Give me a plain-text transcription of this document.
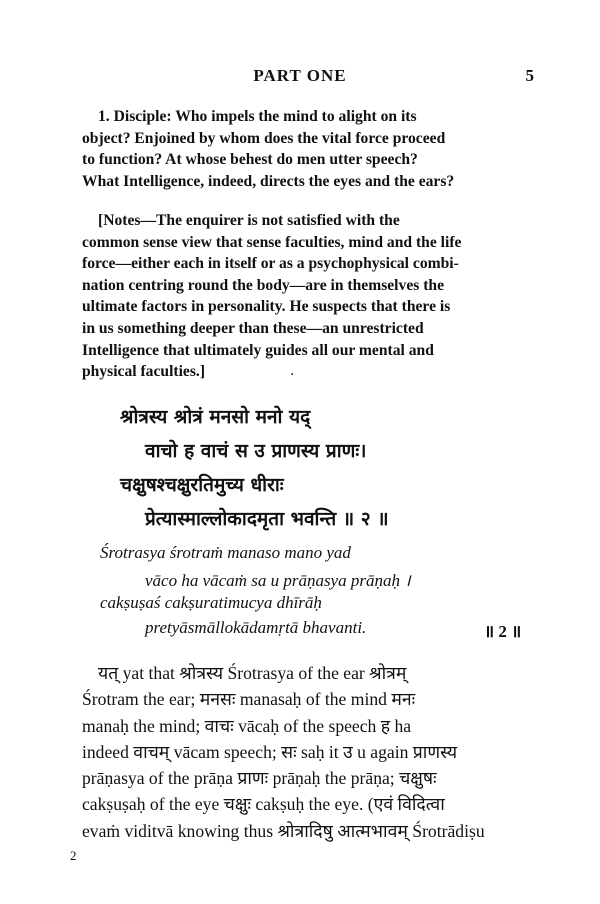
PART ONE	5
1. Disciple: Who impels the mind to alight on its
object? Enjoined by whom does the vital force proceed
to function? At whose behest do men utter speech?
What Intelligence, indeed, directs the eyes and the ears?
[Notes—The enquirer is not satisfied with the
common sense view that sense faculties, mind and the life
force—either each in itself or as a psychophysical combi-
nation centring round the body—are in themselves the
ultimate factors in personality. He suspects that there is
in us something deeper than these—an unrestricted
Intelligence that ultimately guides all our mental and
physical faculties.]	·
श्रोत्रस्य श्रोत्रं मनसो मनो यद्
वाचो ह वाचं स उ प्राणस्य प्राणः।
चक्षुषश्चक्षुरतिमुच्य धीराः
प्रेत्यास्माल्लोकादमृता भवन्ति ॥ २ ॥
Śrotrasya śrotraṁ manaso mano yad
vāco ha vācaṁ sa u prāṇasya prāṇaḥ ।
cakṣuṣaś cakṣuratimucya dhīrāḥ
pretyāsmāllokādamṛtā bhavanti.	॥ 2 ॥
यत् yat that श्रोत्रस्य Śrotrasya of the ear श्रोत्रम्
Śrotram the ear; मनसः manasaḥ of the mind मनः
manaḥ the mind; वाचः vācaḥ of the speech ह ha
indeed वाचम् vācam speech; सः saḥ it उ u again प्राणस्य
prāṇasya of the prāṇa प्राणः prāṇaḥ the prāṇa; चक्षुषः
cakṣuṣaḥ of the eye चक्षुः cakṣuḥ the eye. (एवं विदित्वा
evaṁ viditvā knowing thus श्रोत्रादिषु आत्मभावम् Śrotrādiṣu
2
